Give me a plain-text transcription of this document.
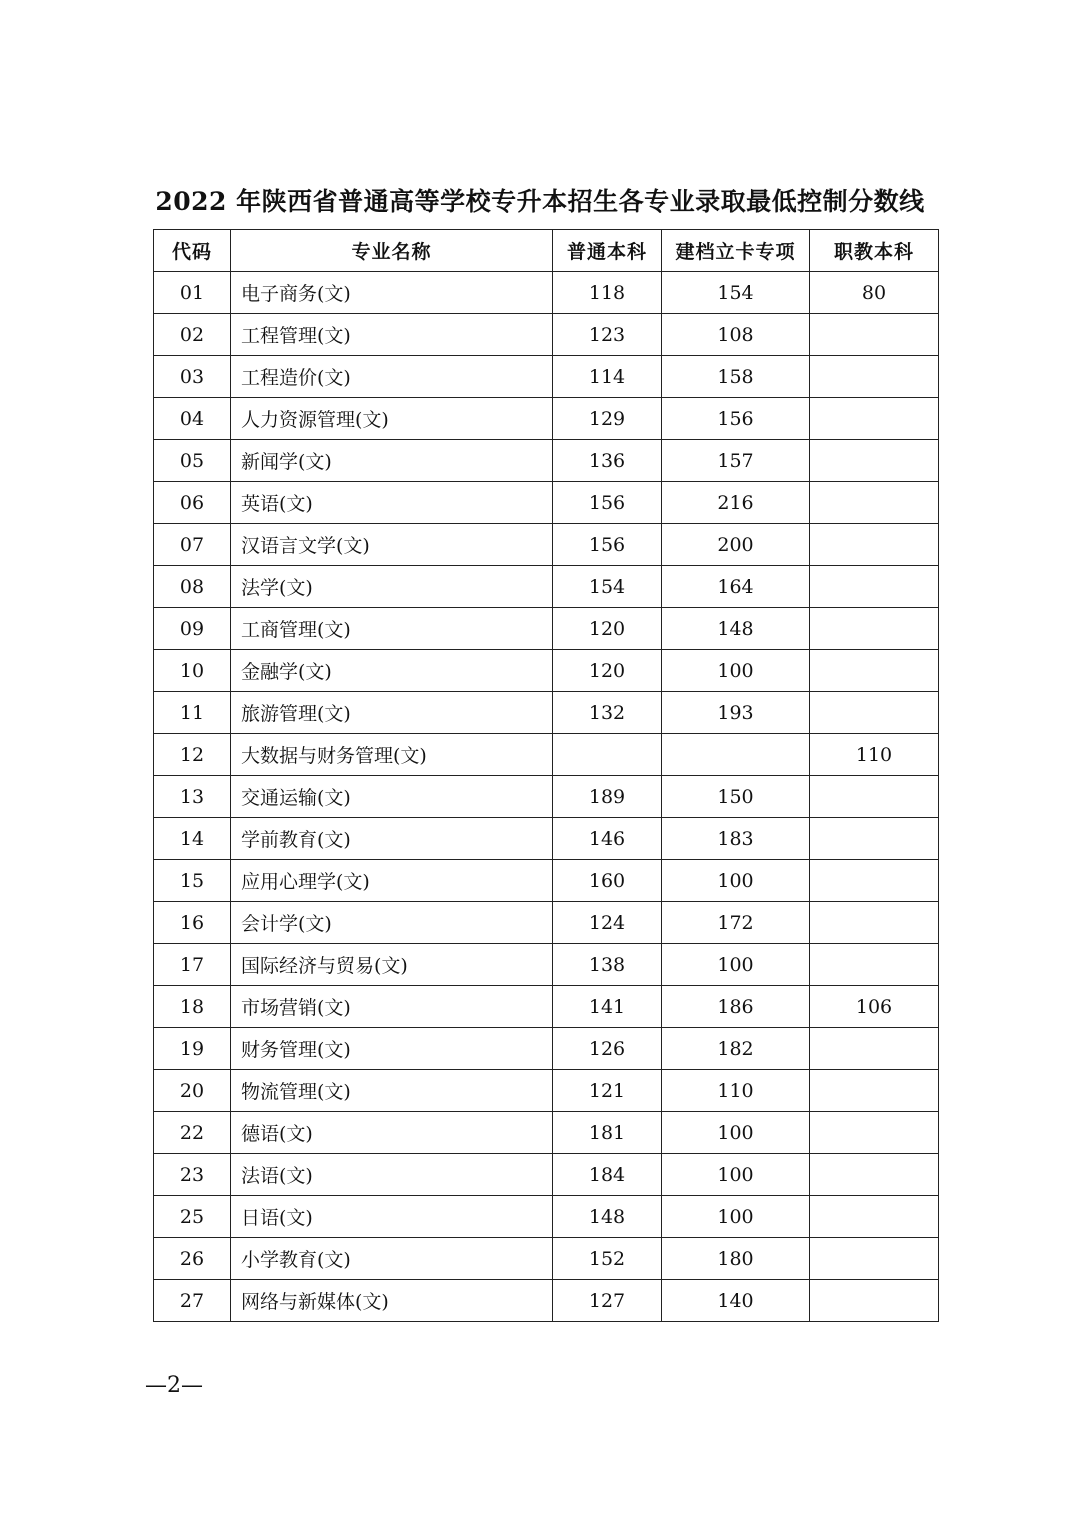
2022 年陕西省普通高等学校专升本招生各专业录取最低控制分数线
代码	专业名称	普通本科	建档立卡专项	职教本科
01	电子商务(文)	118	154	80
02	工程管理(文)	123	108	
03	工程造价(文)	114	158	
04	人力资源管理(文)	129	156	
05	新闻学(文)	136	157	
06	英语(文)	156	216	
07	汉语言文学(文)	156	200	
08	法学(文)	154	164	
09	工商管理(文)	120	148	
10	金融学(文)	120	100	
11	旅游管理(文)	132	193	
12	大数据与财务管理(文)			110
13	交通运输(文)	189	150	
14	学前教育(文)	146	183	
15	应用心理学(文)	160	100	
16	会计学(文)	124	172	
17	国际经济与贸易(文)	138	100	
18	市场营销(文)	141	186	106
19	财务管理(文)	126	182	
20	物流管理(文)	121	110	
22	德语(文)	181	100	
23	法语(文)	184	100	
25	日语(文)	148	100	
26	小学教育(文)	152	180	
27	网络与新媒体(文)	127	140	
—2—
